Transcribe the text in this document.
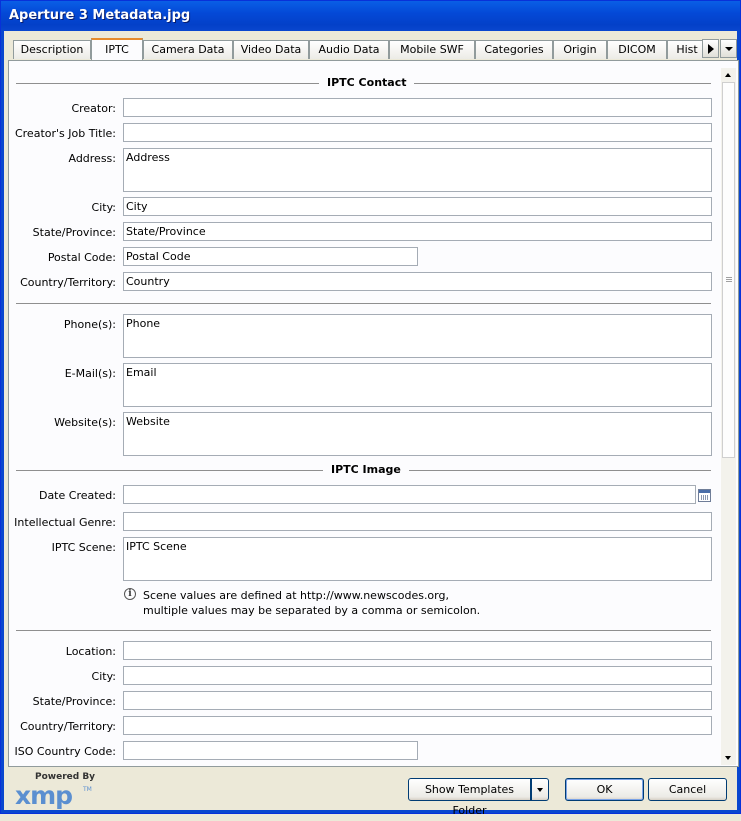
Aperture 3 Metadata.jpg
Description	IPTC	Camera Data	Video Data	Audio Data	Mobile SWF	Categories	Origin	DICOM	Hist
IPTC Contact
Creator:
Creator's Job Title:
Address: Address
City: City
State/Province: State/Province
Postal Code: Postal Code
Country/Territory: Country
Phone(s): Phone
E-Mail(s): Email
Website(s): Website
IPTC Image
Date Created:
Intellectual Genre:
IPTC Scene: IPTC Scene
i	Scene values are defined at http://www.newscodes.org,
multiple values may be separated by a comma or semicolon.
Location:
City:
State/Province:
Country/Territory:
ISO Country Code:
Powered By
xmp TM	Show Templates Folder
OK	Cancel
